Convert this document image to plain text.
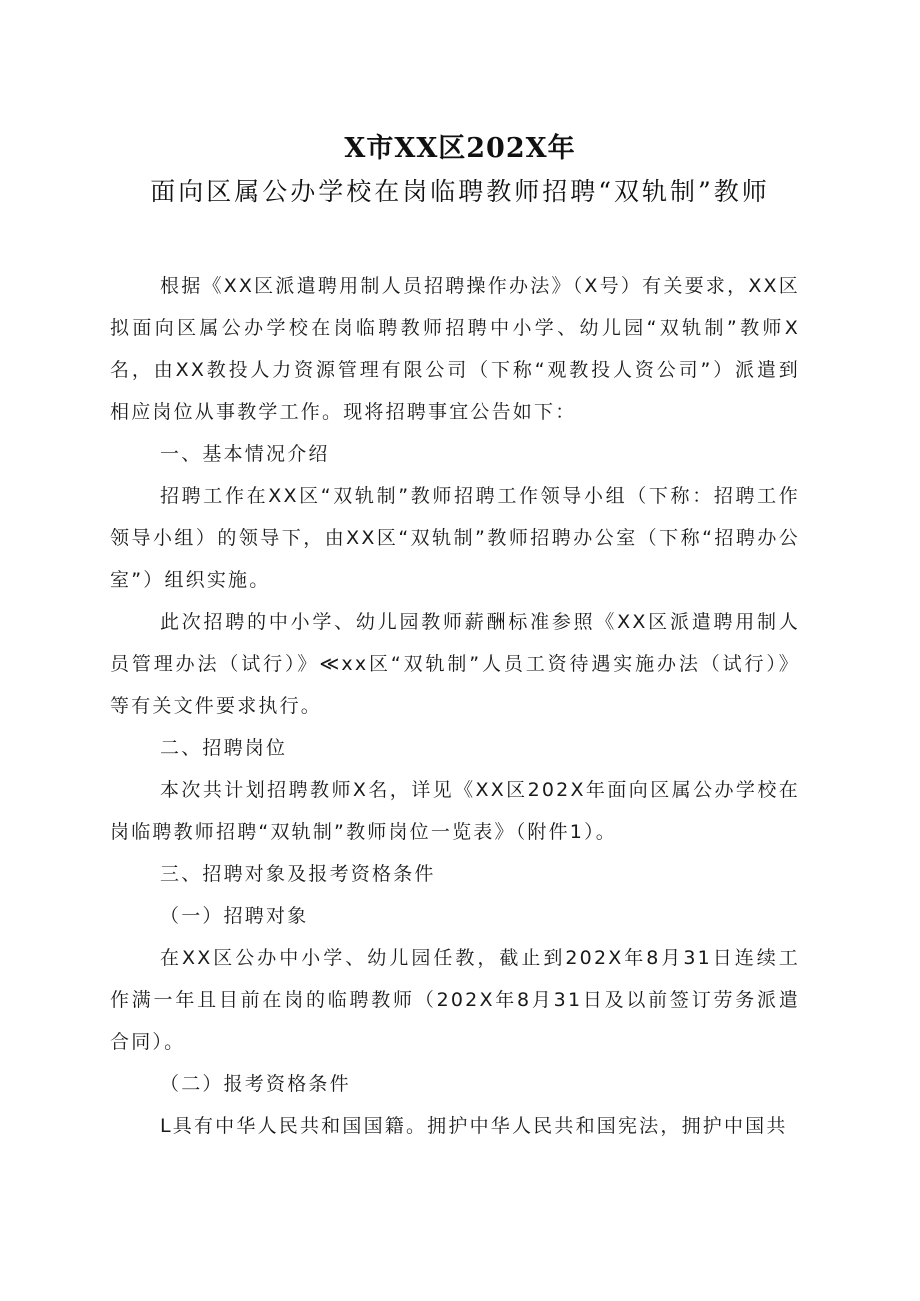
X市XX区202X年
面向区属公办学校在岗临聘教师招聘“双轨制”教师

根据《XX区派遣聘用制人员招聘操作办法》（X号）有关要求，XX区拟面向区属公办学校在岗临聘教师招聘中小学、幼儿园“双轨制”教师X名，由XX教投人力资源管理有限公司（下称“观教投人资公司”）派遣到相应岗位从事教学工作。现将招聘事宜公告如下：

一、基本情况介绍

招聘工作在XX区“双轨制”教师招聘工作领导小组（下称：招聘工作领导小组）的领导下，由XX区“双轨制”教师招聘办公室（下称“招聘办公室”）组织实施。

此次招聘的中小学、幼儿园教师薪酬标准参照《XX区派遣聘用制人员管理办法（试行）》≪xx区“双轨制”人员工资待遇实施办法（试行）》等有关文件要求执行。

二、招聘岗位

本次共计划招聘教师X名，详见《XX区202X年面向区属公办学校在岗临聘教师招聘“双轨制”教师岗位一览表》（附件1）。

三、招聘对象及报考资格条件

（一）招聘对象

在XX区公办中小学、幼儿园任教，截止到202X年8月31日连续工作满一年且目前在岗的临聘教师（202X年8月31日及以前签订劳务派遣合同）。

（二）报考资格条件

L具有中华人民共和国国籍。拥护中华人民共和国宪法，拥护中国共
